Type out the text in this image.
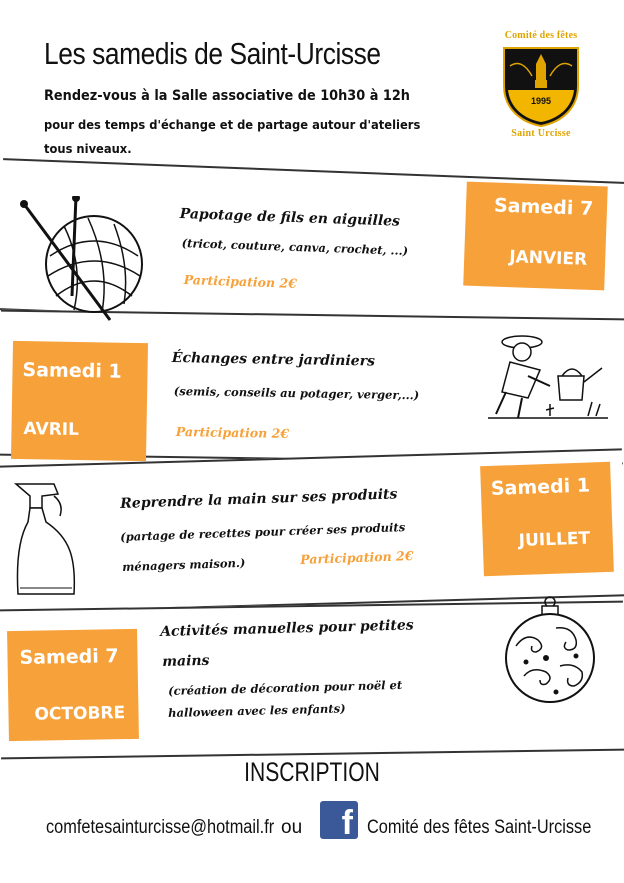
Les samedis de Saint-Urcisse
Rendez-vous à la Salle associative de 10h30 à 12h
pour des temps d'échange et de partage autour d'ateliers
tous niveaux.
Comité des fêtes
1995
Saint Urcisse
Papotage de fils en aiguilles
(tricot, couture, canva, crochet, ...)
Participation 2€
Samedi 7
JANVIER
Samedi 1
AVRIL
Échanges entre jardiniers
(semis, conseils au potager, verger,...)
Participation 2€
Reprendre la main sur ses produits
(partage de recettes pour créer ses produits
ménagers maison.)	Participation 2€
Samedi 1
JUILLET
Samedi 7
OCTOBRE
Activités manuelles pour petites
mains
(création de décoration pour noël et
halloween avec les enfants)
INSCRIPTION
comfetesainturcisse@hotmail.fr ou f Comité des fêtes Saint-Urcisse
